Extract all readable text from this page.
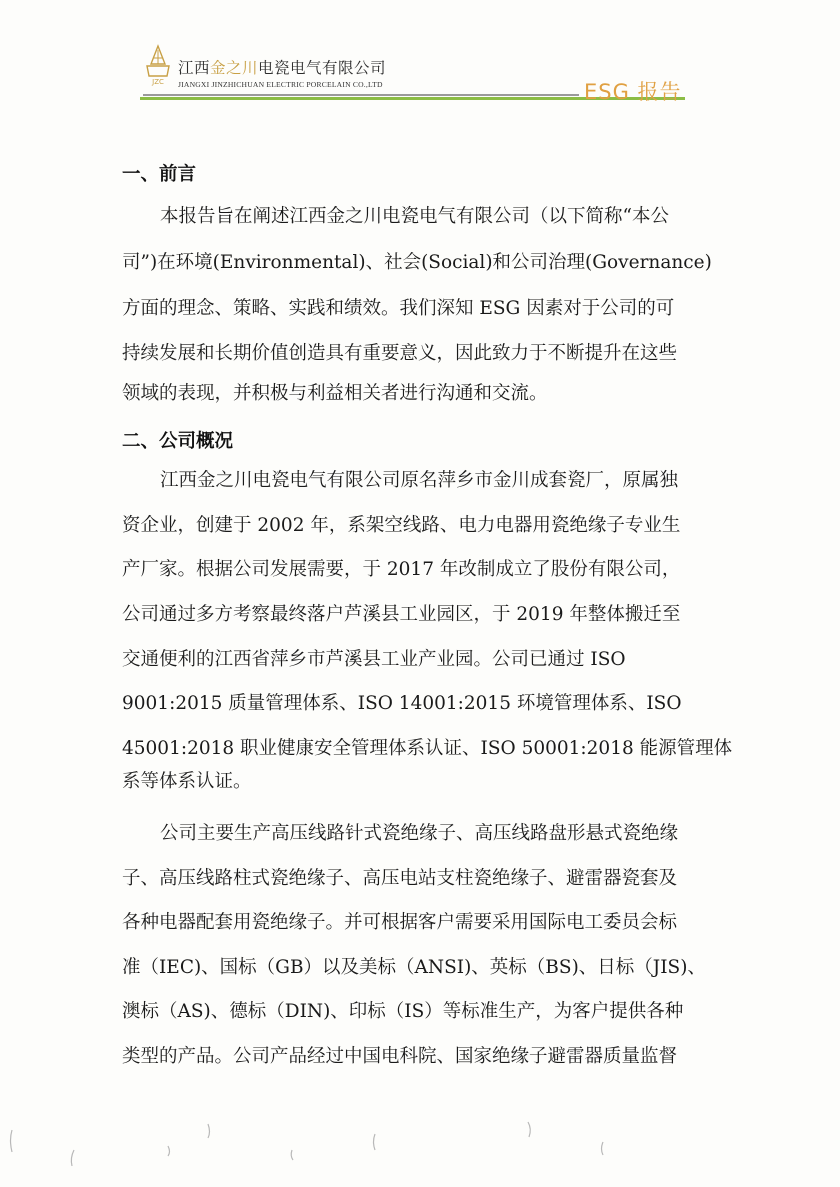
JZC
江西金之川电瓷电气有限公司
JIANGXI JINZHICHUAN ELECTRIC PORCELAIN CO.,LTD	ESG 报告
一、前言
本报告旨在阐述江西金之川电瓷电气有限公司（以下简称“本公
司”)在环境(Environmental)、社会(Social)和公司治理(Governance)
方面的理念、策略、实践和绩效。我们深知 ESG 因素对于公司的可
持续发展和长期价值创造具有重要意义，因此致力于不断提升在这些
领域的表现，并积极与利益相关者进行沟通和交流。
二、公司概况
江西金之川电瓷电气有限公司原名萍乡市金川成套瓷厂，原属独
资企业，创建于 2002 年，系架空线路、电力电器用瓷绝缘子专业生
产厂家。根据公司发展需要，于 2017 年改制成立了股份有限公司，
公司通过多方考察最终落户芦溪县工业园区，于 2019 年整体搬迁至
交通便利的江西省萍乡市芦溪县工业产业园。公司已通过 ISO
9001:2015 质量管理体系、ISO 14001:2015 环境管理体系、ISO
45001:2018 职业健康安全管理体系认证、ISO 50001:2018 能源管理体
系等体系认证。
公司主要生产高压线路针式瓷绝缘子、高压线路盘形悬式瓷绝缘
子、高压线路柱式瓷绝缘子、高压电站支柱瓷绝缘子、避雷器瓷套及
各种电器配套用瓷绝缘子。并可根据客户需要采用国际电工委员会标
准（IEC)、国标（GB）以及美标（ANSI)、英标（BS)、日标（JIS)、
澳标（AS)、德标（DIN)、印标（IS）等标准生产，为客户提供各种
类型的产品。公司产品经过中国电科院、国家绝缘子避雷器质量监督
